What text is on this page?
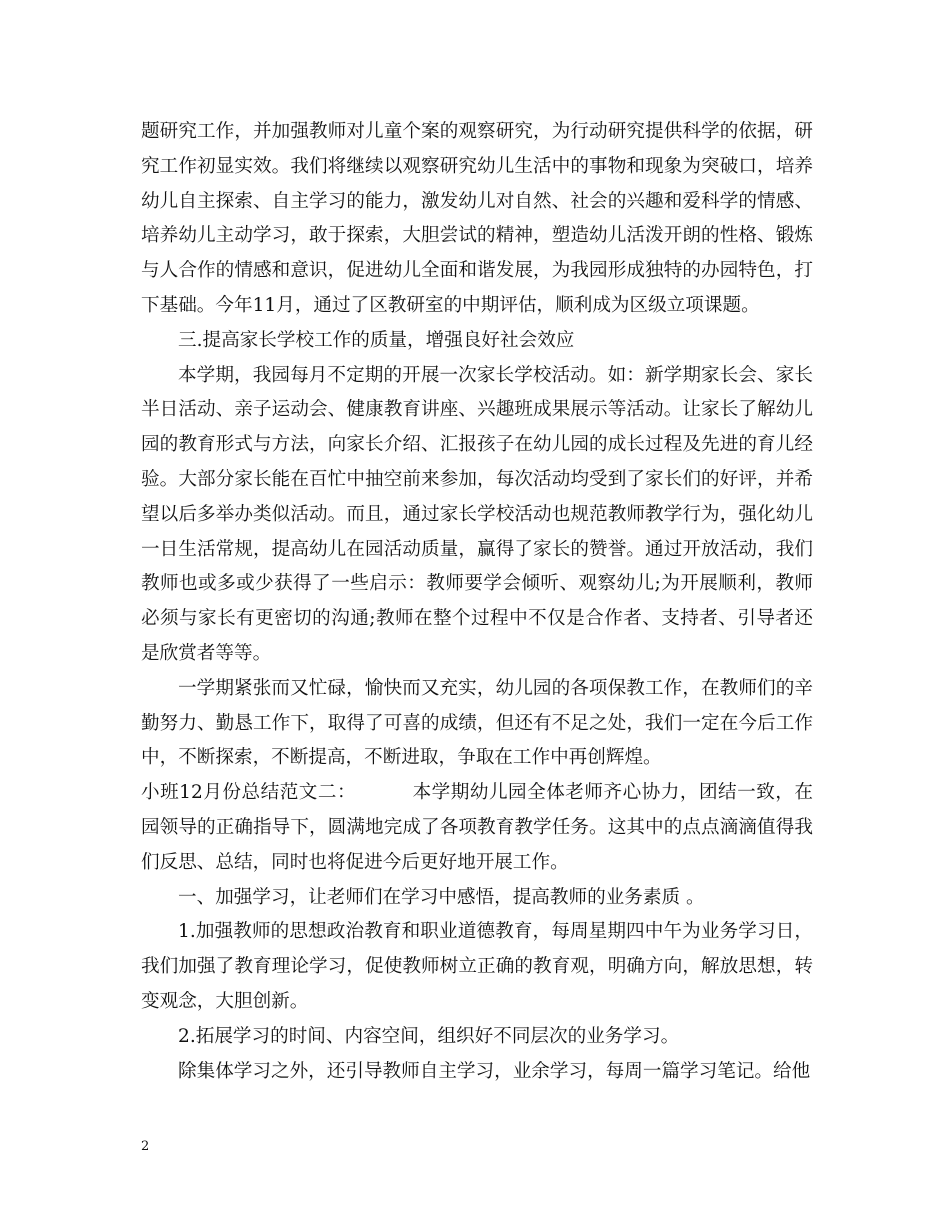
题研究工作，并加强教师对儿童个案的观察研究，为行动研究提供科学的依据，研究工作初显实效。我们将继续以观察研究幼儿生活中的事物和现象为突破口，培养幼儿自主探索、自主学习的能力，激发幼儿对自然、社会的兴趣和爱科学的情感、培养幼儿主动学习，敢于探索，大胆尝试的精神，塑造幼儿活泼开朗的性格、锻炼与人合作的情感和意识，促进幼儿全面和谐发展，为我园形成独特的办园特色，打下基础。今年11月，通过了区教研室的中期评估，顺利成为区级立项课题。

三.提高家长学校工作的质量，增强良好社会效应

本学期，我园每月不定期的开展一次家长学校活动。如：新学期家长会、家长半日活动、亲子运动会、健康教育讲座、兴趣班成果展示等活动。让家长了解幼儿园的教育形式与方法，向家长介绍、汇报孩子在幼儿园的成长过程及先进的育儿经验。大部分家长能在百忙中抽空前来参加，每次活动均受到了家长们的好评，并希望以后多举办类似活动。而且，通过家长学校活动也规范教师教学行为，强化幼儿一日生活常规，提高幼儿在园活动质量，赢得了家长的赞誉。通过开放活动，我们教师也或多或少获得了一些启示：教师要学会倾听、观察幼儿;为开展顺利，教师必须与家长有更密切的沟通;教师在整个过程中不仅是合作者、支持者、引导者还是欣赏者等等。

一学期紧张而又忙碌，愉快而又充实，幼儿园的各项保教工作，在教师们的辛勤努力、勤恳工作下，取得了可喜的成绩，但还有不足之处，我们一定在今后工作中，不断探索，不断提高，不断进取，争取在工作中再创辉煌。

小班12月份总结范文二：	本学期幼儿园全体老师齐心协力，团结一致，在园领导的正确指导下，圆满地完成了各项教育教学任务。这其中的点点滴滴值得我们反思、总结，同时也将促进今后更好地开展工作。

一、加强学习，让老师们在学习中感悟，提高教师的业务素质 。

1.加强教师的思想政治教育和职业道德教育，每周星期四中午为业务学习日，我们加强了教育理论学习，促使教师树立正确的教育观，明确方向，解放思想，转变观念，大胆创新。

2.拓展学习的时间、内容空间，组织好不同层次的业务学习。

除集体学习之外，还引导教师自主学习，业余学习，每周一篇学习笔记。给他

2
